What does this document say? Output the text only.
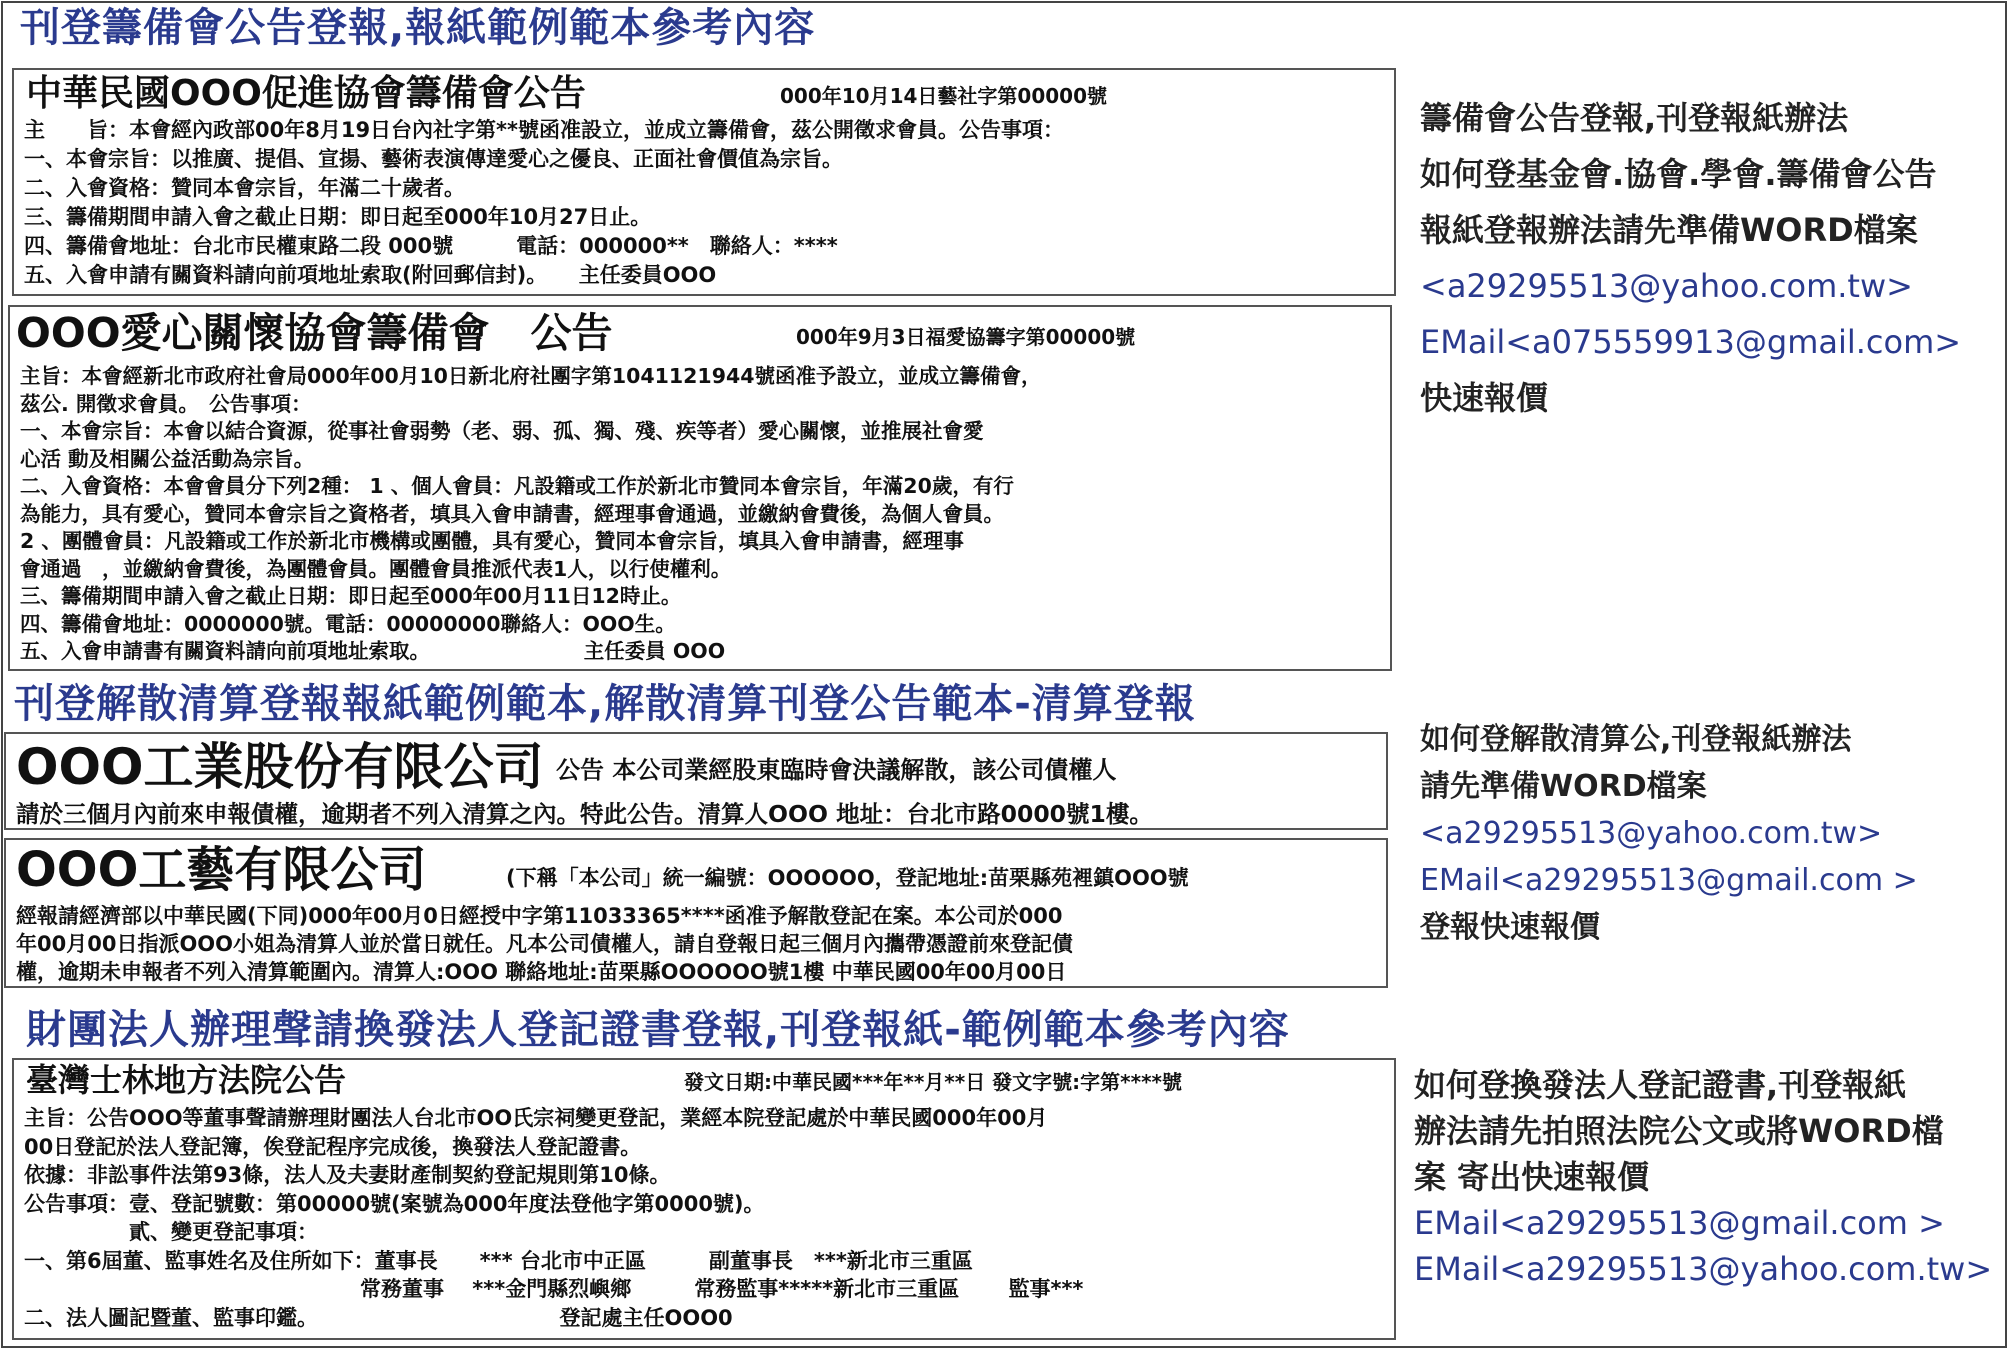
刊登籌備會公告登報,報紙範例範本參考內容
中華民國OOO促進協會籌備會公告	000年10月14日藝社字第00000號
主　　旨：本會經內政部00年8月19日台內社字第**號函准設立，並成立籌備會，茲公開徵求會員。公告事項：
一、本會宗旨：以推廣、提倡、宣揚、藝術表演傳達愛心之優良、正面社會價值為宗旨。
二、入會資格：贊同本會宗旨，年滿二十歲者。
三、籌備期間申請入會之截止日期：即日起至000年10月27日止。
四、籌備會地址：台北市民權東路二段 000號　　　電話：000000**　聯絡人：****
五、入會申請有關資料請向前項地址索取(附回郵信封)。　　主任委員OOO
OOO愛心關懷協會籌備會　公告	000年9月3日福愛協籌字第00000號
主旨：本會經新北市政府社會局000年00月10日新北府社團字第1041121944號函准予設立，並成立籌備會，
茲公. 開徵求會員。　公告事項：
一、本會宗旨：本會以結合資源，從事社會弱勢（老、弱、孤、獨、殘、疾等者）愛心關懷，並推展社會愛
心活 動及相關公益活動為宗旨。
二、入會資格：本會會員分下列2種： 1 、個人會員：凡設籍或工作於新北市贊同本會宗旨，年滿20歲，有行
為能力，具有愛心，贊同本會宗旨之資格者，填具入會申請書，經理事會通過，並繳納會費後，為個人會員。
2 、團體會員：凡設籍或工作於新北市機構或團體，具有愛心，贊同本會宗旨，填具入會申請書，經理事
會通過　，並繳納會費後，為團體會員。團體會員推派代表1人，以行使權利。
三、籌備期間申請入會之截止日期：即日起至000年00月11日12時止。
四、籌備會地址：0000000號。電話：00000000聯絡人：OOO生。
五、入會申請書有關資料請向前項地址索取。　　　　　　　　主任委員 OOO
籌備會公告登報,刊登報紙辦法
如何登基金會.協會.學會.籌備會公告
報紙登報辦法請先準備WORD檔案
<a29295513@yahoo.com.tw>
EMail<a075559913@gmail.com>
快速報價
刊登解散清算登報報紙範例範本,解散清算刊登公告範本-清算登報
OOO工業股份有限公司 公告 本公司業經股東臨時會決議解散，該公司債權人
請於三個月內前來申報債權，逾期者不列入清算之內。特此公告。清算人OOO 地址：台北市路0000號1樓。
OOO工藝有限公司	(下稱「本公司」統一編號：OOOOOO，登記地址:苗栗縣苑裡鎮OOO號
經報請經濟部以中華民國(下同)000年00月0日經授中字第11033365****函准予解散登記在案。本公司於000
年00月00日指派OOO小姐為清算人並於當日就任。凡本公司債權人，請自登報日起三個月內攜帶憑證前來登記債
權，逾期未申報者不列入清算範圍內。清算人:OOO 聯絡地址:苗栗縣OOOOOO號1樓 中華民國00年00月00日
如何登解散清算公,刊登報紙辦法
請先準備WORD檔案
<a29295513@yahoo.com.tw>
EMail<a29295513@gmail.com >
登報快速報價
財團法人辦理聲請換發法人登記證書登報,刊登報紙-範例範本參考內容
臺灣士林地方法院公告	發文日期:中華民國***年**月**日 發文字號:字第****號
主旨：公告OOO等董事聲請辦理財團法人台北市OO氏宗祠變更登記，業經本院登記處於中華民國000年00月
00日登記於法人登記簿，俟登記程序完成後，換發法人登記證書。
依據：非訟事件法第93條，法人及夫妻財產制契約登記規則第10條。
公告事項：壹、登記號數：第00000號(案號為000年度法登他字第0000號)。
　　　　　貳、變更登記事項：
一、第6屆董、監事姓名及住所如下：董事長　　*** 台北市中正區　　　副董事長　***新北市三重區
　　　　　　　　　　　　　　　　常務董事　 ***金門縣烈嶼鄉　　　常務監事*****新北市三重區　　 監事***
二、法人圖記暨董、監事印鑑。　　　　　　　　　　　　登記處主任OOO0
如何登換發法人登記證書,刊登報紙
辦法請先拍照法院公文或將WORD檔
案 寄出快速報價
EMail<a29295513@gmail.com >
EMail<a29295513@yahoo.com.tw>
